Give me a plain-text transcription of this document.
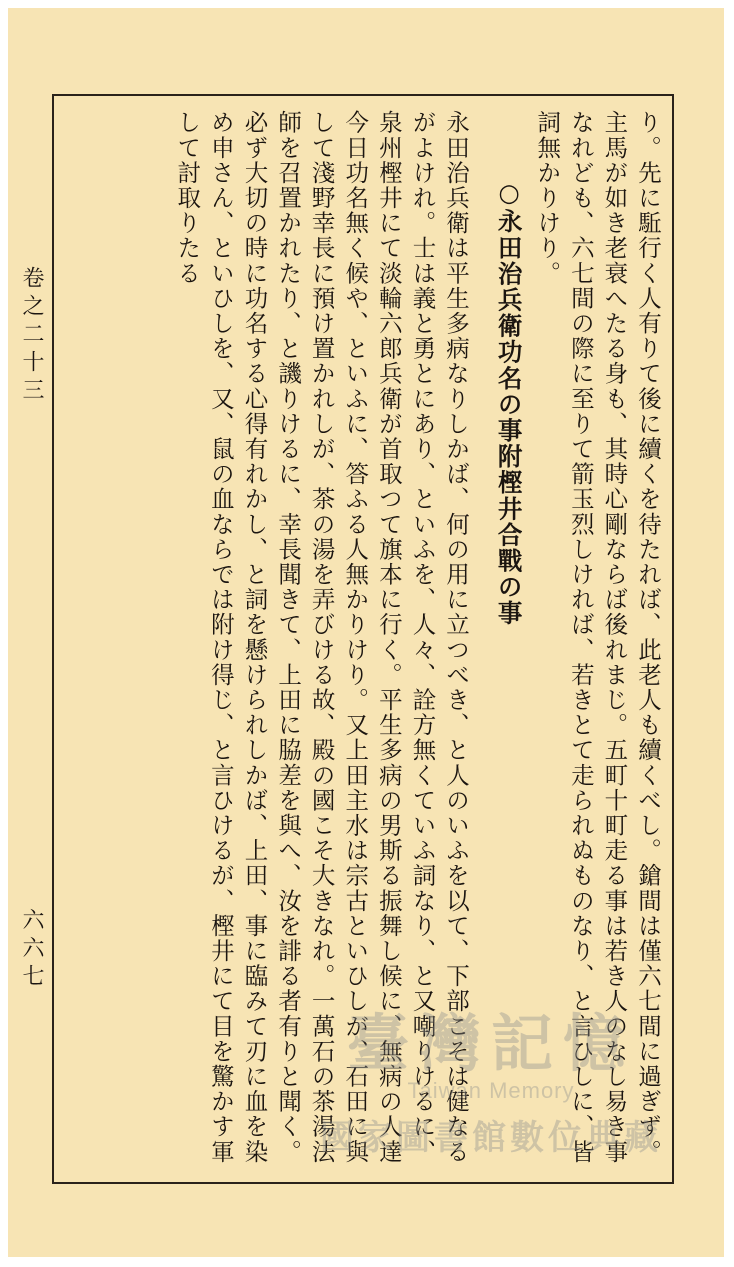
卷之二十三
六六七	り。先に駈行く人有りて後に續くを待たれば、此老人も續くべし。鎗間は僅六七間に過ぎず。主馬が如き老衰へたる身も、其時心剛ならば後れまじ。五町十町走る事は若き人のなし易き事なれども、六七間の際に至りて箭玉烈しければ、若きとて走られぬものなり、と言ひしに、皆詞無かりけり。

○永田治兵衛功名の事附樫井合戰の事

永田治兵衛は平生多病なりしかば、何の用に立つべき、と人のいふを以て、下部こそは健なるがよけれ。士は義と勇とにあり、といふを、人々、詮方無くていふ詞なり、と又嘲りけるに、泉州樫井にて淡輪六郎兵衛が首取つて旗本に行く。平生多病の男斯る振舞し候に、無病の人達今日功名無く候や、といふに、答ふる人無かりけり。又上田主水は宗古といひしが、石田に與して淺野幸長に預け置かれしが、茶の湯を弄びける故、殿の國こそ大きなれ。一萬石の茶湯法師を召置かれたり、と譏りけるに、幸長聞きて、上田に脇差を與へ、汝を誹る者有りと聞く。必ず大切の時に功名する心得有れかし、と詞を懸けられしかば、上田、事に臨みて刃に血を染め申さん、といひしを、又、鼠の血ならでは附け得じ、と言ひけるが、樫井にて目を驚かす軍して討取りたる

臺灣記憶
Taiwan Memory
國家圖書館數位典藏
